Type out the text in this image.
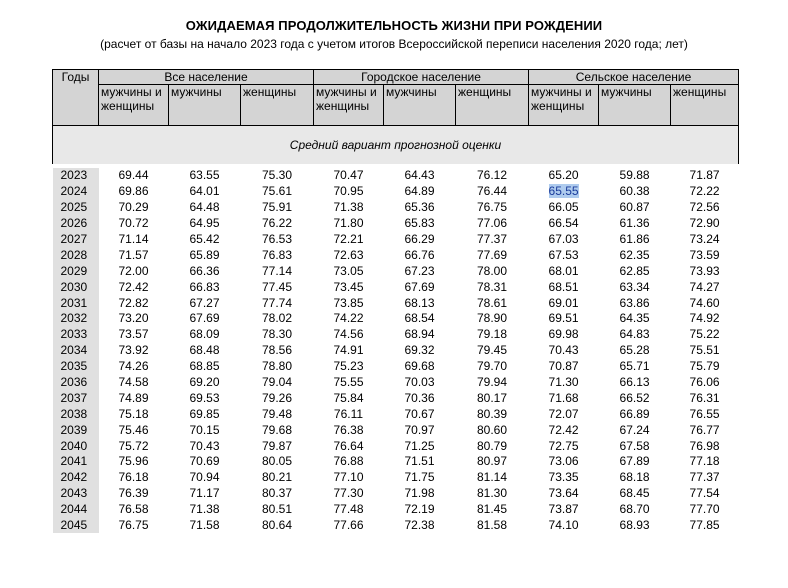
ОЖИДАЕМАЯ ПРОДОЛЖИТЕЛЬНОСТЬ ЖИЗНИ ПРИ РОЖДЕНИИ
(расчет от базы на начало 2023 года с учетом итогов Всероссийской переписи населения 2020 года; лет)
Годы	Все население			Городское население			Сельское население		
	мужчины и женщины	мужчины	женщины	мужчины и женщины	мужчины	женщины	мужчины и женщины	мужчины	женщины
Средний вариант прогнозной оценки									

2023	69.44	63.55	75.30	70.47	64.43	76.12	65.20	59.88	71.87
2024	69.86	64.01	75.61	70.95	64.89	76.44	65.55	60.38	72.22
2025	70.29	64.48	75.91	71.38	65.36	76.75	66.05	60.87	72.56
2026	70.72	64.95	76.22	71.80	65.83	77.06	66.54	61.36	72.90
2027	71.14	65.42	76.53	72.21	66.29	77.37	67.03	61.86	73.24
2028	71.57	65.89	76.83	72.63	66.76	77.69	67.53	62.35	73.59
2029	72.00	66.36	77.14	73.05	67.23	78.00	68.01	62.85	73.93
2030	72.42	66.83	77.45	73.45	67.69	78.31	68.51	63.34	74.27
2031	72.82	67.27	77.74	73.85	68.13	78.61	69.01	63.86	74.60
2032	73.20	67.69	78.02	74.22	68.54	78.90	69.51	64.35	74.92
2033	73.57	68.09	78.30	74.56	68.94	79.18	69.98	64.83	75.22
2034	73.92	68.48	78.56	74.91	69.32	79.45	70.43	65.28	75.51
2035	74.26	68.85	78.80	75.23	69.68	79.70	70.87	65.71	75.79
2036	74.58	69.20	79.04	75.55	70.03	79.94	71.30	66.13	76.06
2037	74.89	69.53	79.26	75.84	70.36	80.17	71.68	66.52	76.31
2038	75.18	69.85	79.48	76.11	70.67	80.39	72.07	66.89	76.55
2039	75.46	70.15	79.68	76.38	70.97	80.60	72.42	67.24	76.77
2040	75.72	70.43	79.87	76.64	71.25	80.79	72.75	67.58	76.98
2041	75.96	70.69	80.05	76.88	71.51	80.97	73.06	67.89	77.18
2042	76.18	70.94	80.21	77.10	71.75	81.14	73.35	68.18	77.37
2043	76.39	71.17	80.37	77.30	71.98	81.30	73.64	68.45	77.54
2044	76.58	71.38	80.51	77.48	72.19	81.45	73.87	68.70	77.70
2045	76.75	71.58	80.64	77.66	72.38	81.58	74.10	68.93	77.85
